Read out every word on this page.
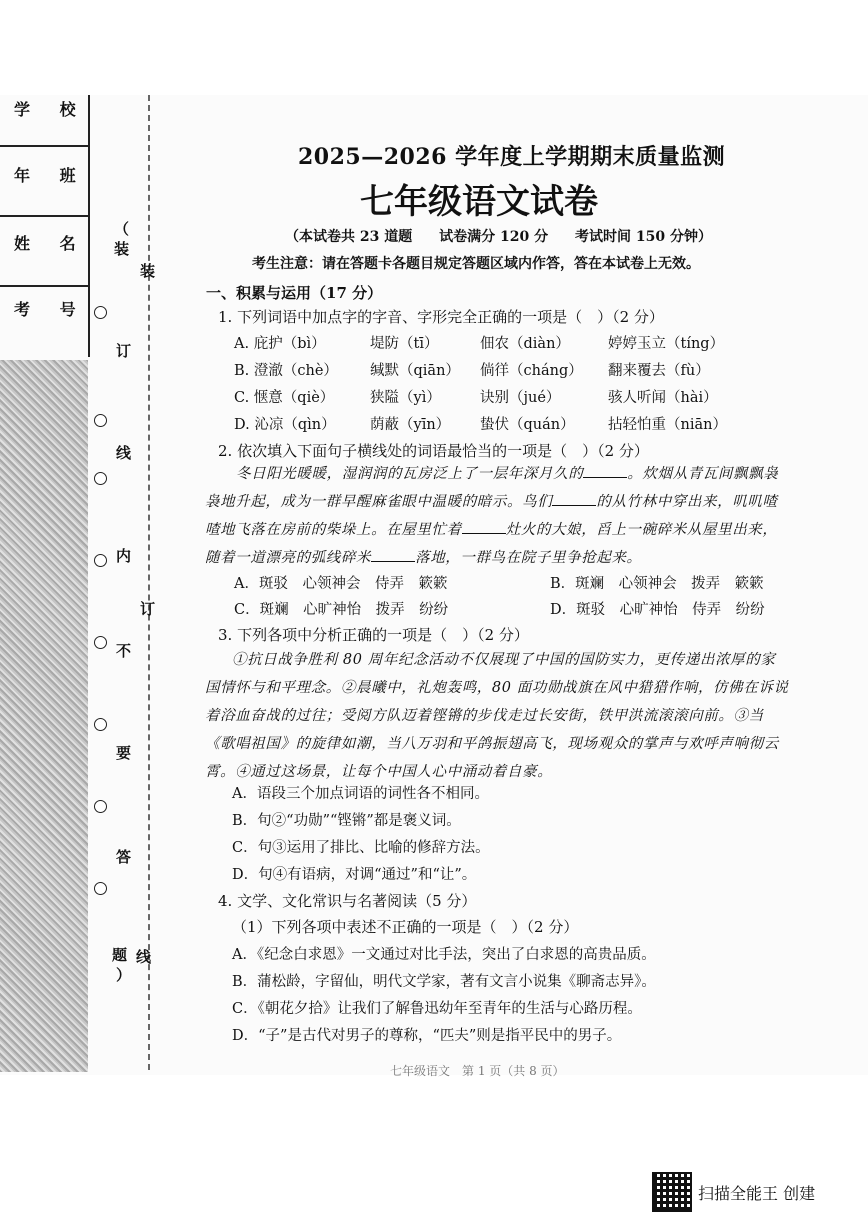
学 校
年 班
姓 名
考 号
（
装
订
线
内
不
要
答
题
）
装
订
线
2025—2026 学年度上学期期末质量监测
七年级语文试卷
（本试卷共 23 道题 试卷满分 120 分 考试时间 150 分钟）
考生注意：请在答题卡各题目规定答题区域内作答，答在本试卷上无效。
一、积累与运用（17 分）
1. 下列词语中加点字的字音、字形完全正确的一项是（　）（2 分）
A. 庇护（bì）	堤防（tī）	佃农（diàn）	婷婷玉立（tíng）
B. 澄澈（chè） 缄默（qiān） 倘徉（cháng） 翻来覆去（fù）
C. 惬意（qiè） 狭隘（yì）	诀别（jué）	骇人听闻（hài）
D. 沁凉（qìn） 荫蔽（yīn） 蛰伏（quán） 拈轻怕重（niān）
2. 依次填入下面句子横线处的词语最恰当的一项是（　）（2 分）
冬日阳光暖暖，湿润润的瓦房泛上了一层年深月久的	。炊烟从青瓦间飘飘袅
袅地升起，成为一群早醒麻雀眼中温暖的暗示。鸟们	的从竹林中穿出来，叽叽喳
喳地飞落在房前的柴垛上。在屋里忙着	灶火的大娘，舀上一碗碎米从屋里出来，
随着一道漂亮的弧线碎米	落地，一群鸟在院子里争抢起来。
A．斑驳　心领神会　侍弄　簌簌	B．斑斓　心领神会　拨弄　簌簌
C．斑斓　心旷神怡　拨弄　纷纷	D．斑驳　心旷神怡　侍弄　纷纷
3. 下列各项中分析正确的一项是（　）（2 分）
①抗日战争胜利 80 周年纪念活动不仅展现了中国的国防实力，更传递出浓厚的家
国情怀与和平理念。②晨曦中，礼炮轰鸣，80 面功勋战旗在风中猎猎作响，仿佛在诉说
着浴血奋战的过往；受阅方队迈着铿锵的步伐走过长安街，铁甲洪流滚滚向前。③当
《歌唱祖国》的旋律如潮，当八万羽和平鸽振翅高飞，现场观众的掌声与欢呼声响彻云
霄。④通过这场景，让每个中国人心中涌动着自豪。
A．语段三个加点词语的词性各不相同。
B．句②“功勋”“铿锵”都是褒义词。
C．句③运用了排比、比喻的修辞方法。
D．句④有语病，对调“通过”和“让”。
4. 文学、文化常识与名著阅读（5 分）
（1）下列各项中表述不正确的一项是（　）（2 分）
A．《纪念白求恩》一文通过对比手法，突出了白求恩的高贵品质。
B．蒲松龄，字留仙，明代文学家，著有文言小说集《聊斋志异》。
C．《朝花夕拾》让我们了解鲁迅幼年至青年的生活与心路历程。
D．“子”是古代对男子的尊称，“匹夫”则是指平民中的男子。
七年级语文　第 1 页（共 8 页）
扫描全能王 创建
